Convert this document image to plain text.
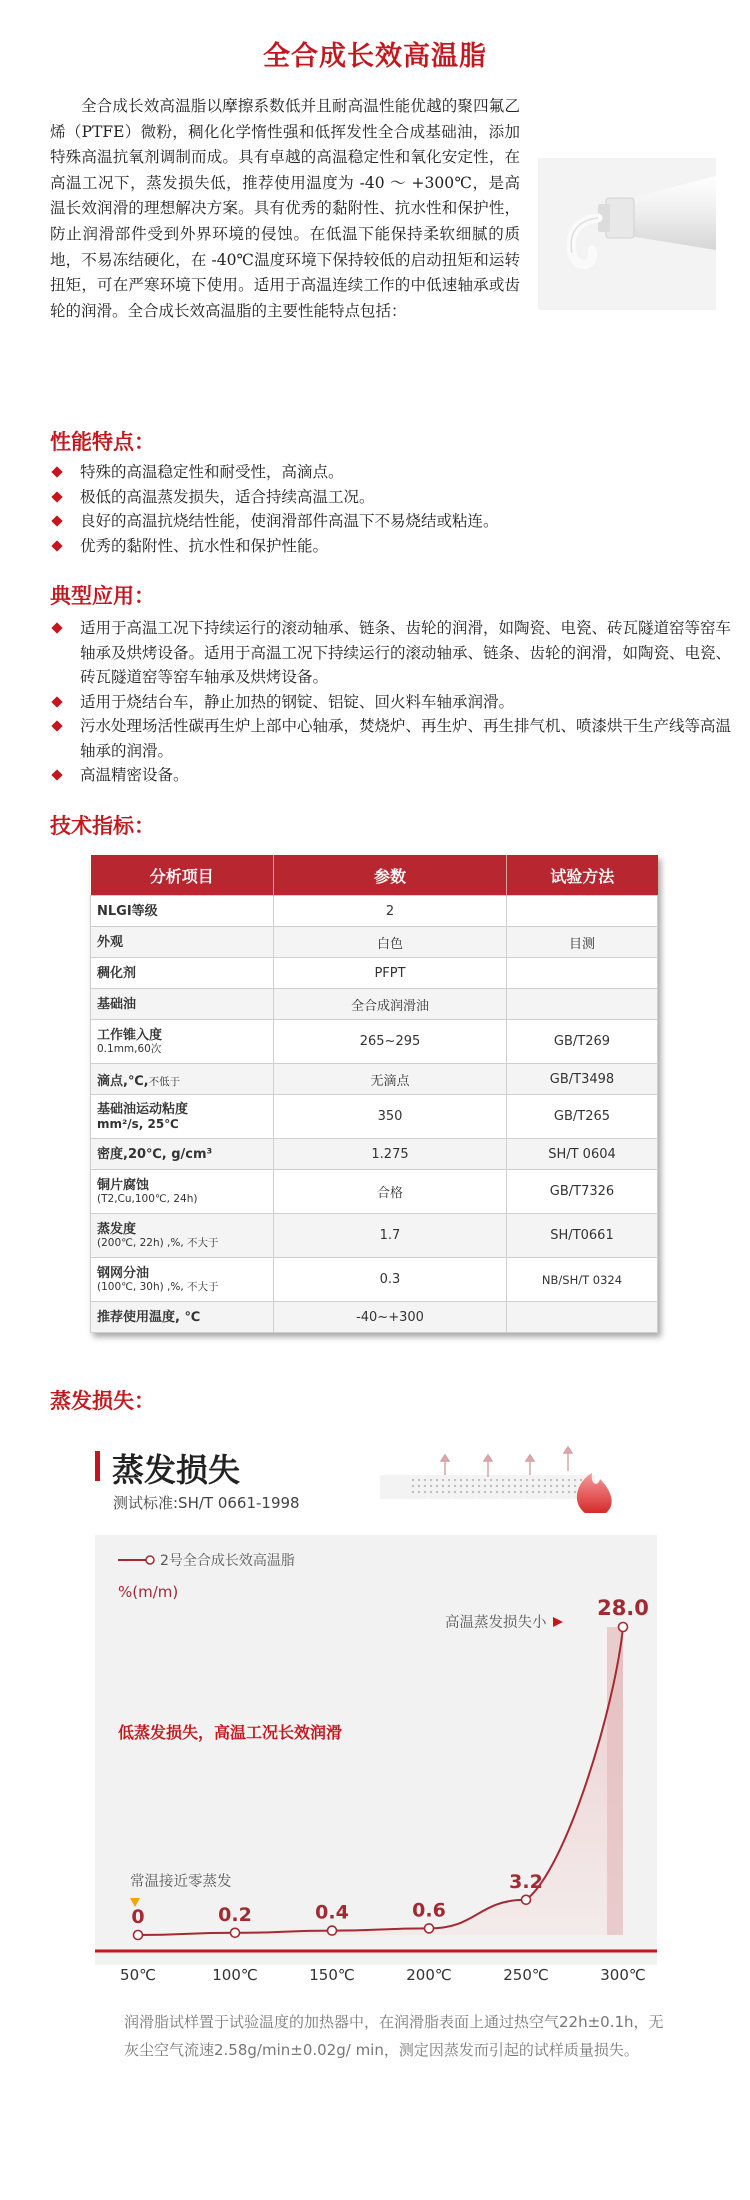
全合成长效高温脂

全合成长效高温脂以摩擦系数低并且耐高温性能优越的聚四氟乙烯（PTFE）微粉，稠化化学惰性强和低挥发性全合成基础油，添加特殊高温抗氧剂调制而成。具有卓越的高温稳定性和氧化安定性，在高温工况下，蒸发损失低，推荐使用温度为 -40 ～ +300℃，是高温长效润滑的理想解决方案。具有优秀的黏附性、抗水性和保护性，防止润滑部件受到外界环境的侵蚀。在低温下能保持柔软细腻的质地，不易冻结硬化，在 -40℃温度环境下保持较低的启动扭矩和运转扭矩，可在严寒环境下使用。适用于高温连续工作的中低速轴承或齿轮的润滑。全合成长效高温脂的主要性能特点包括：

性能特点：
特殊的高温稳定性和耐受性，高滴点。
极低的高温蒸发损失，适合持续高温工况。
良好的高温抗烧结性能，使润滑部件高温下不易烧结或粘连。
优秀的黏附性、抗水性和保护性能。
典型应用：
适用于高温工况下持续运行的滚动轴承、链条、齿轮的润滑，如陶瓷、电瓷、砖瓦隧道窑等窑车轴承及烘烤设备。适用于高温工况下持续运行的滚动轴承、链条、齿轮的润滑，如陶瓷、电瓷、砖瓦隧道窑等窑车轴承及烘烤设备。
适用于烧结台车，静止加热的钢锭、铝锭、回火料车轴承润滑。
污水处理场活性碳再生炉上部中心轴承，焚烧炉、再生炉、再生排气机、喷漆烘干生产线等高温轴承的润滑。
高温精密设备。
技术指标：
分析项目	参数	试验方法

NLGI等级	2	

外观	白色	目测

稠化剂	PFPT	

基础油	全合成润滑油	

工作锥入度
0.1mm,60次	265~295	GB/T269
滴点,℃,不低于	无滴点	GB/T3498

基础油运动粘度
mm²/s, 25℃	350	GB/T265

密度,20℃, g/cm³	1.275	SH/T 0604

铜片腐蚀
(T2,Cu,100℃, 24h)	合格	GB/T7326

蒸发度
(200℃, 22h) ,%, 不大于	1.7	SH/T0661

钢网分油
(100℃, 30h) ,%, 不大于	0.3	NB/SH/T 0324

推荐使用温度, ℃	-40~+300	
蒸发损失：
蒸发损失
测试标准:SH/T 0661-1998
0
50℃
0.2
100℃
0.4
150℃
0.6
200℃
3.2
250℃
28.0
300℃
2号全合成长效高温脂
%(m/m)
高温蒸发损失小
低蒸发损失，高温工况长效润滑
常温接近零蒸发

润滑脂试样置于试验温度的加热器中，在润滑脂表面上通过热空气22h±0.1h，无灰尘空气流速2.58g/min±0.02g/ min，测定因蒸发而引起的试样质量损失。
